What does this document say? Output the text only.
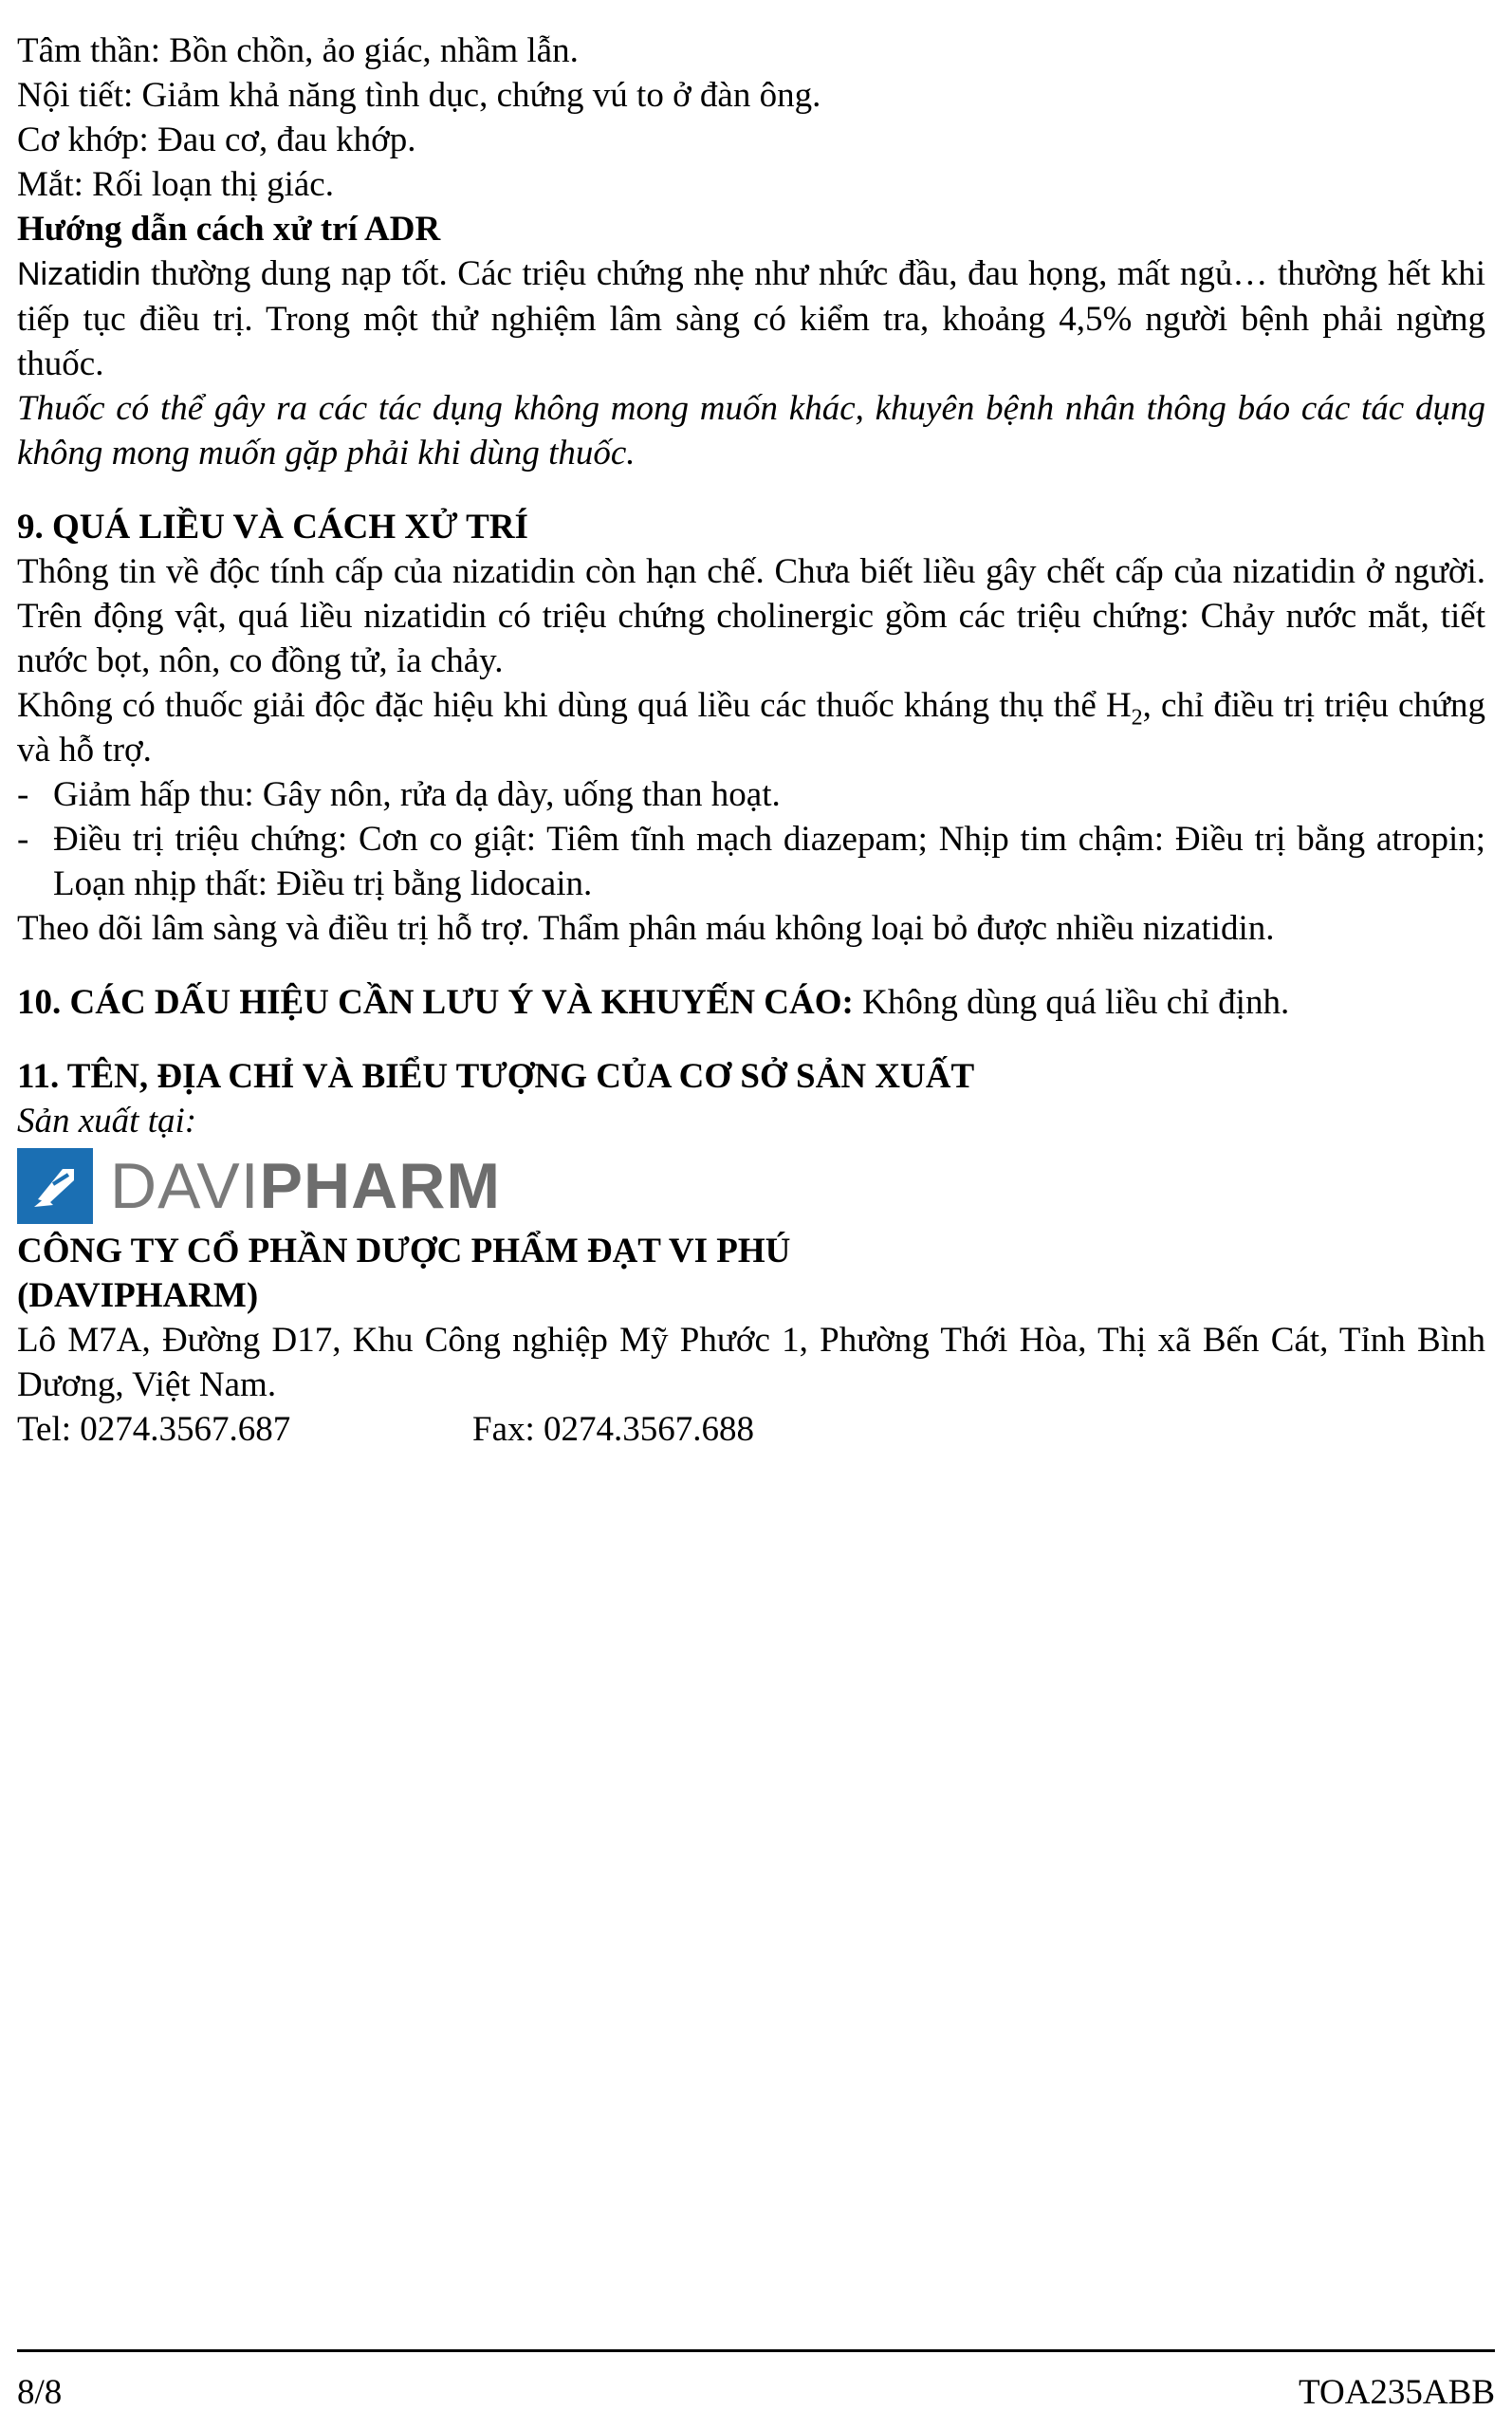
Tâm thần: Bồn chồn, ảo giác, nhầm lẫn.
Nội tiết: Giảm khả năng tình dục, chứng vú to ở đàn ông.
Cơ khớp: Đau cơ, đau khớp.
Mắt: Rối loạn thị giác.
Hướng dẫn cách xử trí ADR
Nizatidin thường dung nạp tốt. Các triệu chứng nhẹ như nhức đầu, đau họng, mất ngủ… thường hết khi tiếp tục điều trị. Trong một thử nghiệm lâm sàng có kiểm tra, khoảng 4,5% người bệnh phải ngừng thuốc.
Thuốc có thể gây ra các tác dụng không mong muốn khác, khuyên bệnh nhân thông báo các tác dụng không mong muốn gặp phải khi dùng thuốc.
9. QUÁ LIỀU VÀ CÁCH XỬ TRÍ
Thông tin về độc tính cấp của nizatidin còn hạn chế. Chưa biết liều gây chết cấp của nizatidin ở người. Trên động vật, quá liều nizatidin có triệu chứng cholinergic gồm các triệu chứng: Chảy nước mắt, tiết nước bọt, nôn, co đồng tử, ỉa chảy.
Không có thuốc giải độc đặc hiệu khi dùng quá liều các thuốc kháng thụ thể $H_2$, chỉ điều trị triệu chứng và hỗ trợ.
- Giảm hấp thu: Gây nôn, rửa dạ dày, uống than hoạt.
- Điều trị triệu chứng: Cơn co giật: Tiêm tĩnh mạch diazepam; Nhịp tim chậm: Điều trị bằng atropin; Loạn nhịp thất: Điều trị bằng lidocain.
Theo dõi lâm sàng và điều trị hỗ trợ. Thẩm phân máu không loại bỏ được nhiều nizatidin.
10. CÁC DẤU HIỆU CẦN LƯU Ý VÀ KHUYẾN CÁO: Không dùng quá liều chỉ định.
11. TÊN, ĐỊA CHỈ VÀ BIỂU TƯỢNG CỦA CƠ SỞ SẢN XUẤT
Sản xuất tại:
DAVIPHARM
CÔNG TY CỔ PHẦN DƯỢC PHẨM ĐẠT VI PHÚ
(DAVIPHARM)
Lô M7A, Đường D17, Khu Công nghiệp Mỹ Phước 1, Phường Thới Hòa, Thị xã Bến Cát, Tỉnh Bình Dương, Việt Nam.
Tel: 0274.3567.687	Fax: 0274.3567.688
8/8	TOA235ABB
